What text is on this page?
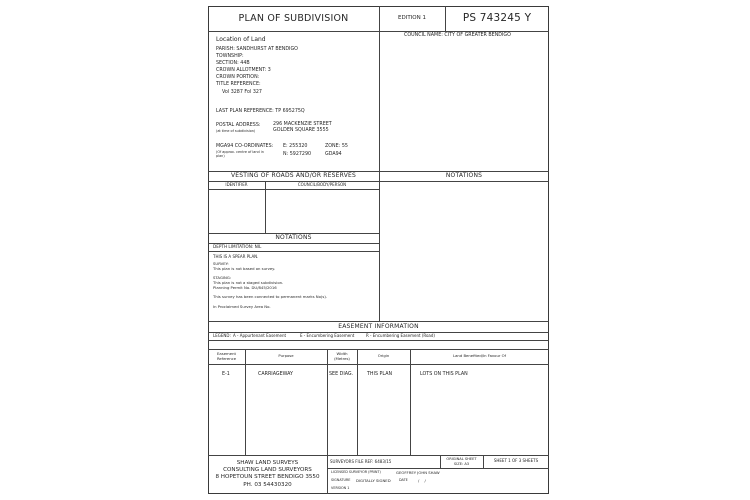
PLAN OF SUBDIVISION	EDITION 1	PS 743245 Y
Location of Land
PARISH: SANDHURST AT BENDIGO
TOWNSHIP:
SECTION: 44B
CROWN ALLOTMENT: 3
CROWN PORTION:
TITLE REFERENCE:
Vol 3287 Fol 327
LAST PLAN REFERENCE: TP 695275Q
POSTAL ADDRESS:
(at time of subdivision)
296 MACKENZIE STREET
GOLDEN SQUARE 3555
MGA94 CO-ORDINATES:
(Of approx. centre of land in plan)
E: 255320
N: 5927290
ZONE: 55
GDA94
COUNCIL NAME: CITY OF GREATER BENDIGO
VESTING OF ROADS AND/OR RESERVES
IDENTIFIER	COUNCIL/BODY/PERSON
NOTATIONS
NOTATIONS
DEPTH LIMITATION: NIL
THIS IS A SPEAR PLAN.
SURVEY:
This plan is not based on survey.
STAGING:
This plan is not a staged subdivision.
Planning Permit No. DU/845/2016
This survey has been connected to permanent marks No(s).
In Proclaimed Survey Area No.
EASEMENT INFORMATION
LEGEND: A - Appurtenant Easement	E - Encumbering Easement	R - Encumbering Easement (Road)
Easement Reference	Purpose	Width (Metres)	Origin	Land Benefited/In Favour Of
E-1	CARRIAGEWAY	SEE DIAG.	THIS PLAN	LOTS ON THIS PLAN
SHAW LAND SURVEYS
CONSULTING LAND SURVEYORS
8 HOPETOUN STREET BENDIGO 3550
PH. 03 54430320
SURVEYORS FILE REF: 6483/15	ORIGINAL SHEET SIZE: A3
SHEET 1 OF 3 SHEETS
LICENSED SURVEYOR (PRINT)	GEOFFREY JOHN SHAW
SIGNATURE DIGITALLY SIGNED DATE	/ /
VERSION 1
